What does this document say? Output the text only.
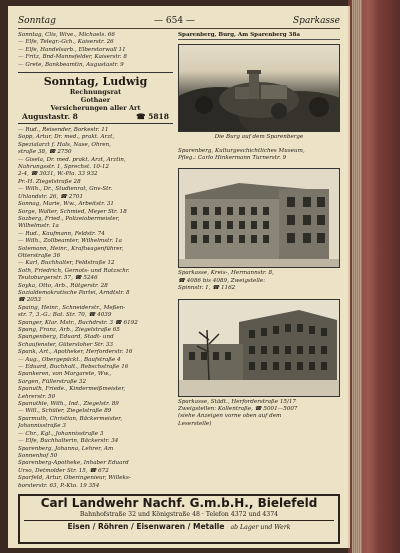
Sonntag	— 654 —	Sparkasse
Sonntag, Clis, Wive., Michaels. 66
— Elfe, Telegr.-Gch., Kaiserstr. 26
— Elfe, Handelsarb., Elberstorwall 11
— Fritz, Bnd-Mannsfelder, Kaiserstr. 8
— Grete, Bankbeamtin, Augustastr. 9
Sonntag, Ludwig
Rechnungsrat
Gothaer
Versicherungen aller Art
Augustastr. 8	☎ 5818
— Rud., Reisender, Borkestr. 11
Sopp, Artur, Dr. med., prakt. Arzt,
Spezialarzt f. Hals, Nase, Ohren,
straße 38, ☎ 2750
— Gisela, Dr. med. prakt. Arzt, Arztin,
Nahrungsstr. 1, Sprechst. 10-12
2-4, ☎ 3031, W.-Pla. 33 932
Pr.-H. Ziegelstraße 28
— Wilh., Dr., Studienrat, Gnv-Str.
Uhlandstr. 26, ☎ 2701
Sonnag, Marie, Ww., Arbeitstr. 31
Sorge, Walter, Schmied, Meyer Str. 18
Sozberg, Fried., Polizeiobermeister,
Wilhelmstr. 1a
— Rud., Kaufmann, Feldstr. 74
— Wilh., Zollbeamter, Wilhelmstr. 1a
Sotemann, Heinr., Kraftwagenführer,
Otterstraße 36
— Karl, Buchhalter, Feldstraße 12
Soth, Friedrich, Gernots- und Ratzschr.
Teutoburgerstr. 57, ☎ 5246
Soyka, Otto, Arb., Rütgerstr. 28
Sozialdemokratische Partei, Arndtstr. 8
☎ 2053
Spaing, Heinr., Schneiderstr., Meßen-
str. 7, 3.-G.: Bat. Str. 70, ☎ 4039
Spanger, Klar. Mstr., Buchdrstr. 3 ☎ 6192
Spang, Franz, Arb., Ziegelstraße 65
Spangenberg, Eduard, Stadt- und
Schaufenster, Gütersloher Str. 33
Spank, Art., Apotheker, Herforderstr. 16
— Aug., Obergepäckt., Baufstraße 4
— Eduard, Buchhalt., Rebschstraße 16
Spankeren, von Margarete, Ww.,
Sargen, Füllerstraße 32
Spanuth, Friede., Kindermeißmeister,
Lehrerstr. 50
Spanuthle, Wilh., Ind., Ziegelstr. 89
— Will., Schüler, Ziegelstraße 89
Sparmuth, Christian, Bäckermeister,
Johannisstraße 3
— Chr., Kgl., Johannisstraße 3
— Elfe, Buchhalterin, Bäckerstr. 34
Sparenberg, Johanna, Lehrer, Am
Sonnenhof 50
Sparenberg-Apotheke, Inhaber Eduard
Urso, Detmolder Str. 15, ☎ 672
Sparfeld, Artur, Oberingenieur, Willeks-
borsterstr. 63, P.-Kto. 19 354
Sparenberg, Burg, Am Sparenberg 38a
Die Burg auf dem Sparenberge
Sparenberg, Kulturgeschichtliches Museum,
Pfleg.: Carlo Hinkermann Turnerstr. 9
Sparkasse, Kreis-, Hermannstr. 8,
☎ 4086 bis 4089, Zweigstelle:
Spinnstr. 1, ☎ 1162
Sparkasse, Städt., Herforderstraße 15/17
Zweigstellen: Kollentraße, ☎ 5001—5007
(siehe Anzeigen vorne oben auf dem
Leserstelle)
Carl Landwehr Nachf. G.m.b.H., Bielefeld
Bahnhofstraße 32 und Königstraße 48 · Telefon 4372 und 4374
Eisen / Röhren / Eisenwaren / Metalle ab Lager und Werk
